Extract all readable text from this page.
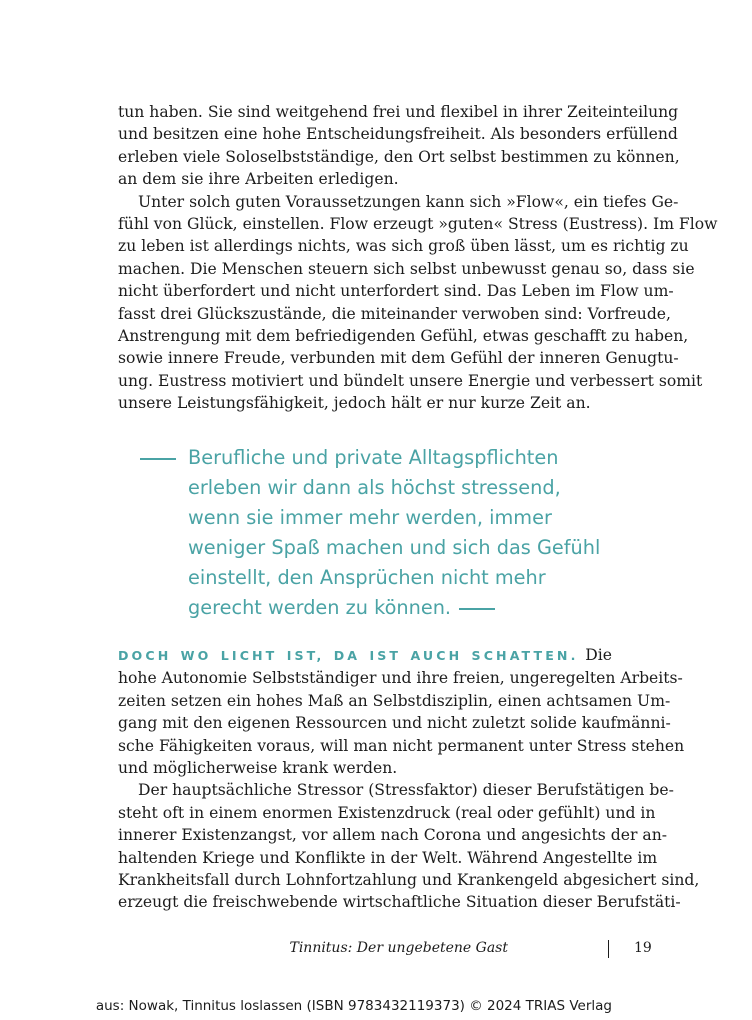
tun haben. Sie sind weitgehend frei und flexibel in ihrer Zeiteinteilung
und besitzen eine hohe Entscheidungsfreiheit. Als besonders erfüllend
erleben viele Soloselbstständige, den Ort selbst bestimmen zu können,
an dem sie ihre Arbeiten erledigen.

Unter solch guten Voraussetzungen kann sich »Flow«, ein tiefes Ge-
fühl von Glück, einstellen. Flow erzeugt »guten« Stress (Eustress). Im Flow
zu leben ist allerdings nichts, was sich groß üben lässt, um es richtig zu
machen. Die Menschen steuern sich selbst unbewusst genau so, dass sie
nicht überfordert und nicht unterfordert sind. Das Leben im Flow um-
fasst drei Glückszustände, die miteinander verwoben sind: Vorfreude,
Anstrengung mit dem befriedigenden Gefühl, etwas geschafft zu haben,
sowie innere Freude, verbunden mit dem Gefühl der inneren Genugtu-
ung. Eustress motiviert und bündelt unsere Energie und verbessert somit
unsere Leistungsfähigkeit, jedoch hält er nur kurze Zeit an.

Berufliche und private Alltagspflichten
erleben wir dann als höchst stressend,
wenn sie immer mehr werden, immer
weniger Spaß machen und sich das Gefühl
einstellt, den Ansprüchen nicht mehr
gerecht werden zu können.

DOCH WO LICHT IST, DA IST AUCH SCHATTEN. Die
hohe Autonomie Selbstständiger und ihre freien, ungeregelten Arbeits-
zeiten setzen ein hohes Maß an Selbstdisziplin, einen achtsamen Um-
gang mit den eigenen Ressourcen und nicht zuletzt solide kaufmänni-
sche Fähigkeiten voraus, will man nicht permanent unter Stress stehen
und möglicherweise krank werden.

Der hauptsächliche Stressor (Stressfaktor) dieser Berufstätigen be-
steht oft in einem enormen Existenzdruck (real oder gefühlt) und in
innerer Existenzangst, vor allem nach Corona und angesichts der an-
haltenden Kriege und Konflikte in der Welt. Während Angestellte im
Krankheitsfall durch Lohnfortzahlung und Krankengeld abgesichert sind,
erzeugt die freischwebende wirtschaftliche Situation dieser Berufstäti-

Tinnitus: Der ungebetene Gast	19
aus: Nowak, Tinnitus loslassen (ISBN 9783432119373) © 2024 TRIAS Verlag
